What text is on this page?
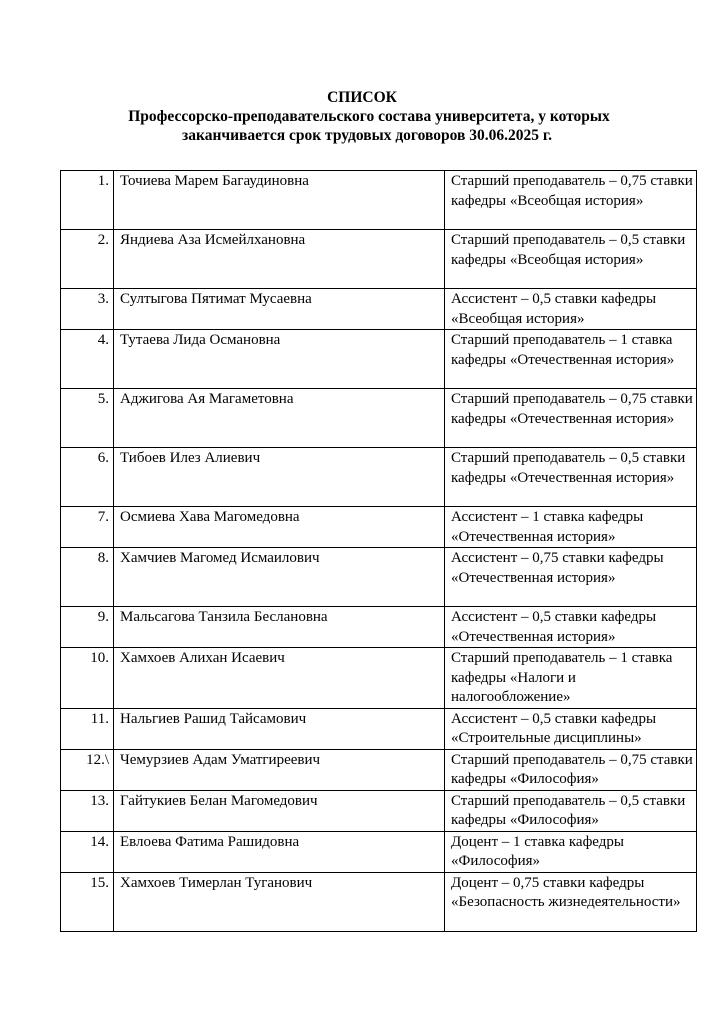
СПИСОК
Профессорско-преподавательского состава университета, у которых
заканчивается срок трудовых договоров 30.06.2025 г.
1.	Точиева Марем Багаудиновна	Старший преподаватель – 0,75 ставки кафедры «Всеобщая история»
2.	Яндиева Аза Исмейлхановна	Старший преподаватель – 0,5 ставки кафедры «Всеобщая история»
3.	Султыгова Пятимат Мусаевна	Ассистент – 0,5 ставки кафедры «Всеобщая история»
4.	Тутаева Лида Османовна	Старший преподаватель – 1 ставка кафедры «Отечественная история»
5.	Аджигова Ая Магаметовна	Старший преподаватель – 0,75 ставки кафедры «Отечественная история»
6.	Тибоев Илез Алиевич	Старший преподаватель – 0,5 ставки кафедры «Отечественная история»
7.	Осмиева Хава Магомедовна	Ассистент – 1 ставка кафедры «Отечественная история»
8.	Хамчиев Магомед Исмаилович	Ассистент – 0,75 ставки кафедры «Отечественная история»
9.	Мальсагова Танзила Беслановна	Ассистент – 0,5 ставки кафедры «Отечественная история»
10.	Хамхоев Алихан Исаевич	Старший преподаватель – 1 ставка кафедры «Налоги и налогообложение»
11.	Нальгиев Рашид Тайсамович	Ассистент – 0,5 ставки кафедры «Строительные дисциплины»
12.\	Чемурзиев Адам Уматгиреевич	Старший преподаватель – 0,75 ставки кафедры «Философия»
13.	Гайтукиев Белан Магомедович	Старший преподаватель – 0,5 ставки кафедры «Философия»
14.	Евлоева Фатима Рашидовна	Доцент – 1 ставка кафедры «Философия»
15.	Хамхоев Тимерлан Туганович	Доцент – 0,75 ставки кафедры «Безопасность жизнедеятельности»
